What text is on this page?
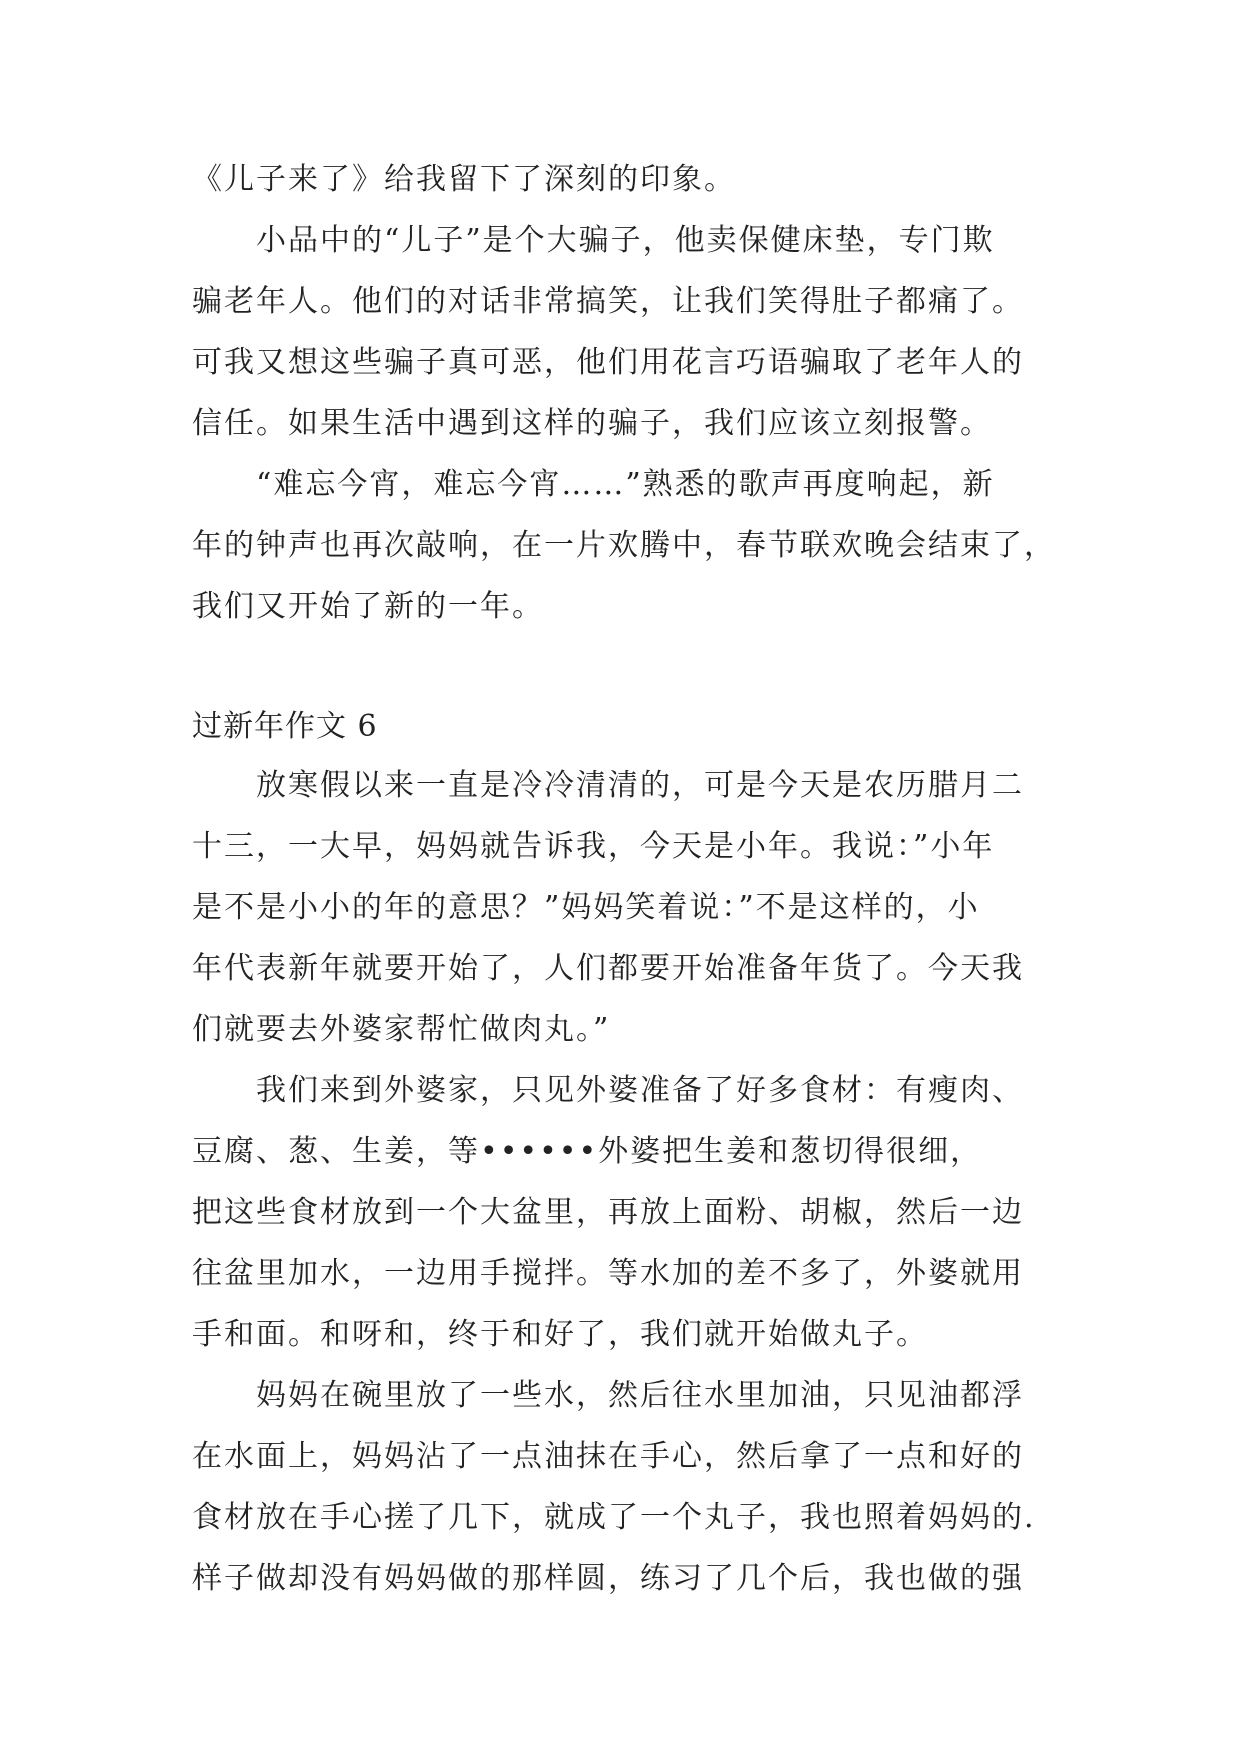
《儿子来了》给我留下了深刻的印象。
小品中的“儿子”是个大骗子，他卖保健床垫，专门欺
骗老年人。他们的对话非常搞笑，让我们笑得肚子都痛了。
可我又想这些骗子真可恶，他们用花言巧语骗取了老年人的
信任。如果生活中遇到这样的骗子，我们应该立刻报警。
“难忘今宵，难忘今宵……”熟悉的歌声再度响起，新
年的钟声也再次敲响，在一片欢腾中，春节联欢晚会结束了，
我们又开始了新的一年。
过新年作文 6
放寒假以来一直是冷冷清清的，可是今天是农历腊月二
十三，一大早，妈妈就告诉我，今天是小年。我说：”小年
是不是小小的年的意思？”妈妈笑着说：”不是这样的，小
年代表新年就要开始了，人们都要开始准备年货了。今天我
们就要去外婆家帮忙做肉丸。”
我们来到外婆家，只见外婆准备了好多食材：有瘦肉、
豆腐、葱、生姜，等••••••外婆把生姜和葱切得很细，
把这些食材放到一个大盆里，再放上面粉、胡椒，然后一边
往盆里加水，一边用手搅拌。等水加的差不多了，外婆就用
手和面。和呀和，终于和好了，我们就开始做丸子。
妈妈在碗里放了一些水，然后往水里加油，只见油都浮
在水面上，妈妈沾了一点油抹在手心，然后拿了一点和好的
食材放在手心搓了几下，就成了一个丸子，我也照着妈妈的.
样子做却没有妈妈做的那样圆，练习了几个后，我也做的强
